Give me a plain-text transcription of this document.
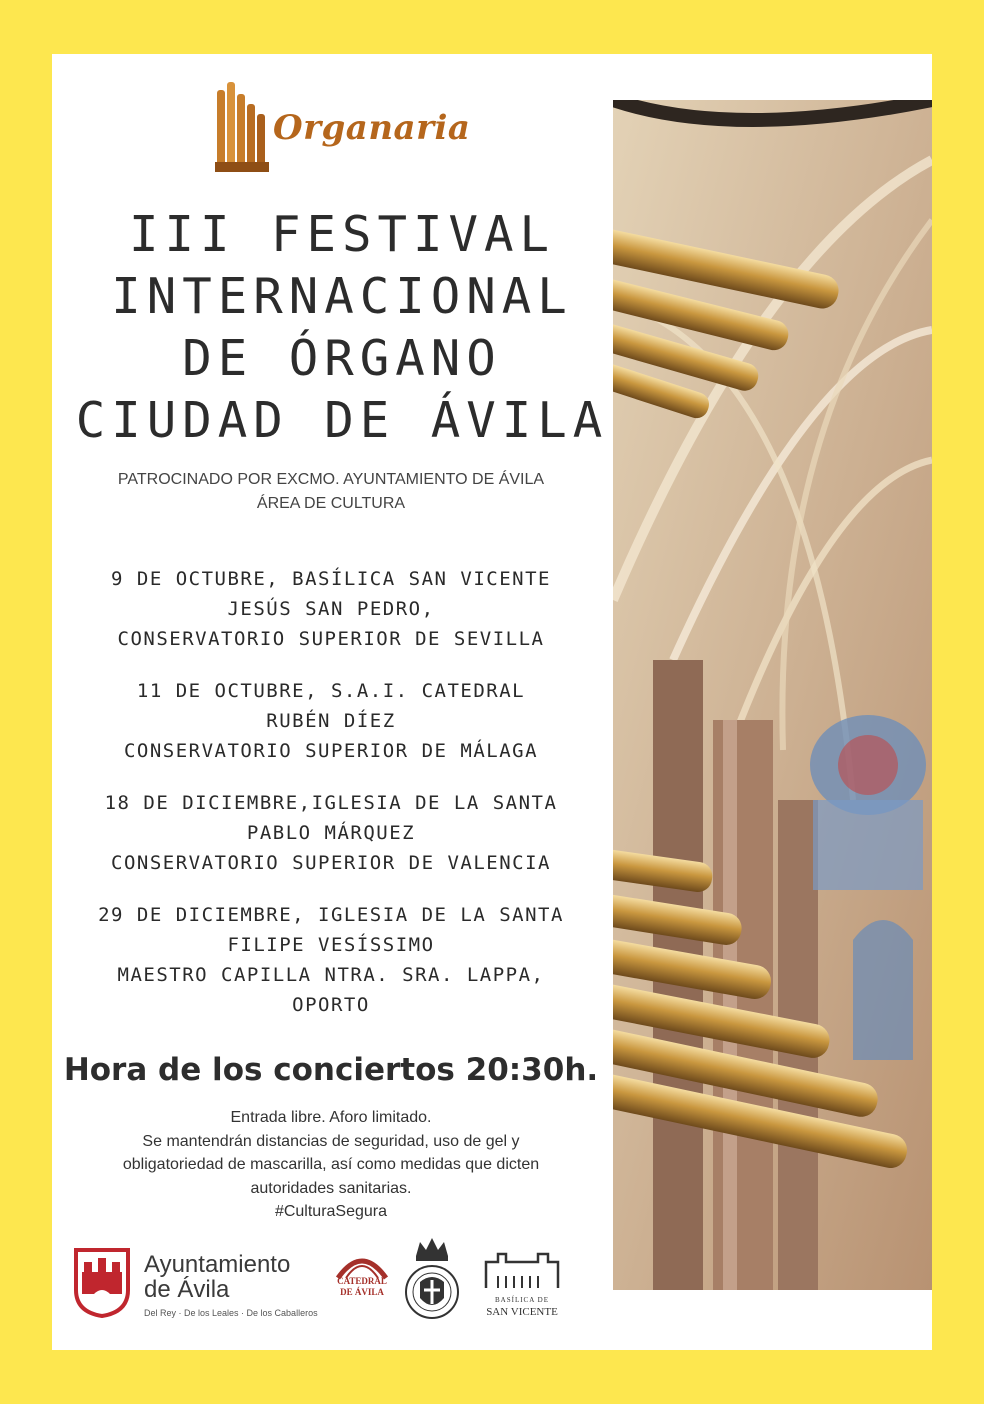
Organaria
III FESTIVAL
INTERNACIONAL
DE ÓRGANO
CIUDAD DE ÁVILA
PATROCINADO POR EXCMO. AYUNTAMIENTO DE ÁVILA
ÁREA DE CULTURA
9 DE OCTUBRE, BASÍLICA SAN VICENTE
JESÚS SAN PEDRO,
CONSERVATORIO SUPERIOR DE SEVILLA
11 DE OCTUBRE, S.A.I. CATEDRAL
RUBÉN DÍEZ
CONSERVATORIO SUPERIOR DE MÁLAGA
18 DE DICIEMBRE,IGLESIA DE LA SANTA
PABLO MÁRQUEZ
CONSERVATORIO SUPERIOR DE VALENCIA
29 DE DICIEMBRE, IGLESIA DE LA SANTA
FILIPE VESÍSSIMO
MAESTRO CAPILLA NTRA. SRA. LAPPA,
OPORTO
Hora de los conciertos 20:30h.
Entrada libre. Aforo limitado.
Se mantendrán distancias de seguridad, uso de gel y
obligatoriedad de mascarilla, así como medidas que dicten
autoridades sanitarias.
#CulturaSegura
Ayuntamiento
de Ávila
Del Rey · De los Leales · De los Caballeros
CATEDRAL
DE ÁVILA
BASÍLICA DE
SAN VICENTE
